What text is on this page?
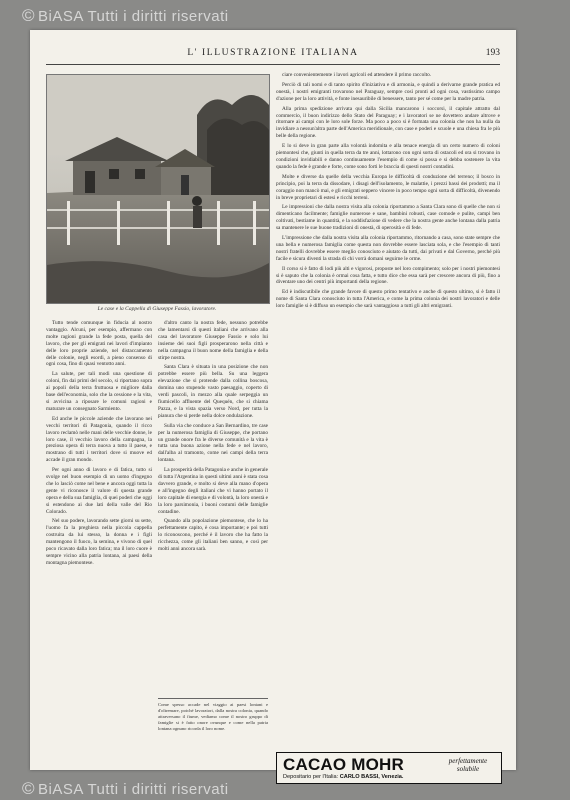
© BiASA Tutti i diritti riservati
L' ILLUSTRAZIONE ITALIANA	193
Le case e la Cappella di Giuseppe Fassio, lavoratore.

Tutto tende comunque in fiducia al nostro vantaggio. Alcuni, per esempio, affermano con molte ragioni grande la fede posta, quella del lavoro, che per gli emigrati nei lavori d'impianto delle loro proprie aziende, nel distaccamento delle colonie, negli esordi, a pieno consenso di ogni cosa, fino di quasi ventotto anni.

La salute, per tali modi una questione di coloni, fin dai primi del secolo, si riportano sopra ai popoli della terra fruttuosa e migliore dalla base dell'economia, solo che la cessione e la vita, si avvicina a riposare le comuni ragioni e maturare un consegnato Sarmiento.

Ed anche le piccole aziende che lavorano nei vecchi territori di Patagonia, quando il ricco lavoro reclamò nelle mani delle vecchie donne, le loro case, il vecchio lavoro della campagna, la preziosa opera di terra nuova a tutto il paese, e mostrano di tutti i territori dove si muove ed accade il gran mondo.

Per ogni anno di lavoro e di fatica, tutto si svolge nel buon esempio di un uomo d'ingegno che lo lasciò come nel bene e ancora oggi tutta la gente vi riconosce il valore di questa grande opera e della sua famiglia, di quei poderi che oggi si estendono ai due lati della valle del Rio Colorado.

Nel suo podere, lavorando sette giorni su sette, l'uomo fa la preghiera nella piccola cappella costruita da lui stesso, la donna e i figli mantengono il fuoco, la semina, e vivono di quel poco ricavato dalla loro fatica; ma il loro cuore è sempre vicino alla patria lontana, ai paesi della montagna piemontese.

d'altro canto la nostra fede, nessuno potrebbe che lamentarsi di questi italiani che arrivano alla casa del lavoratore Giuseppe Fassio e solo lui insieme dei suoi figli prosperarono nella città e nella campagna il buon nome della famiglia e della stirpe nostra.

Santa Clara è situata in una posizione che non potrebbe essere più bella. Su una leggera elevazione che si protende dalla collina boscosa, domina uno stupendo vasto paesaggio, coperto di verdi pascoli, in mezzo alla quale serpeggia un fiumicello affluente del Quequén, che si chiama Pazza, e la vista spazia verso Nord, per tutta la pianura che si perde nella dolce ondulazione.

Sulla via che conduce a San Bernardino, tre case per la numerosa famiglia di Giuseppe, che portano un grande onore fra le diverse comunità e la vita è tutta una buona azione nella fede e nel lavoro, dall'alba al tramonto, come nei campi della terra lontana.

La prosperità della Patagonia e anche in generale di tutta l'Argentina in questi ultimi anni è stata cosa davvero grande, e molto si deve alla mano d'opera e all'ingegno degli italiani che vi hanno portato il loro capitale di energia e di volontà, la loro onestà e la loro parsimonia, i buoni costumi delle famiglie contadine.

Quando alla popolazione piemontese, che lo ha perfettamente capito, è cosa importante; e poi tutti lo riconoscono, perché è il lavoro che ha fatto la ricchezza, come gli italiani ben sanno, e così per molti anni ancora sarà.

Come spesso accade nel viaggio ai paesi lontani e d'oltremare, poiché lavoratori, dalla nostra colonia, quando attraversano il fiume, vediamo come il nostro gruppo di famiglie si è fatto onore ovunque e come nella patria lontana ognuno ricorda il loro nome.

ciare convenientemente i lavori agricoli ed attendere il primo raccolto.

Perciò di tali nomi e di tanto spirito d'iniziativa e di armonia, e quindi a derivarne grande pratica ed onestà, i nostri emigranti trovarono nel Paraguay, sempre così pronti ad ogni cosa, vastissimo campo d'azione per la loro attività, e fonte inesauribile di benessere, tanto per sé come per la madre patria.

Alla prima spedizione arrivata qui dalla Sicilia mancarono i soccorsi, il capitale attratto dal commercio, il buon indirizzo dello Stato del Paraguay; e i lavoratori se ne dovettero andare altrove e ritornare ai campi con le loro sole forze. Ma poco a poco si è formata una colonia che non ha nulla da invidiare a nessun'altra parte dell'America meridionale, con case e poderi e scuole e una chiesa fra le più belle della regione.

E lo si deve in gran parte alla volontà indomita e alla tenace energia di un certo numero di coloni piemontesi che, giunti in quella terra da tre anni, lottarono con ogni sorta di ostacoli ed ora si trovano in condizioni invidiabili e danno continuamente l'esempio di come si possa e si debba sostenere la vita quando la fede è grande e forte, come sono forti le braccia di questi nostri contadini.

Molte e diverse da quelle della vecchia Europa le difficoltà di conduzione del terreno; il bosco in principio, poi la terra da dissodare, i disagi dell'isolamento, le malattie, i prezzi bassi dei prodotti; ma il coraggio non mancò mai, e gli emigrati seppero vincere in poco tempo ogni sorta di difficoltà, divenendo in breve proprietari di estesi e ricchi terreni.

Le impressioni che dalla nostra visita alla colonia riportammo a Santa Clara sono di quelle che non si dimenticano facilmente; famiglie numerose e sane, bambini robusti, case comode e pulite, campi ben coltivati, bestiame in quantità, e la soddisfazione di vedere che la nostra gente anche lontana dalla patria sa mantenere le sue buone tradizioni di onestà, di operosità e di fede.

L'impressione che dalla nostra visita alla colonia riportammo, ritornando a casa, sono state sempre che una bella e numerosa famiglia come questa non dovrebbe essere lasciata sola, e che l'esempio di tanti nostri fratelli dovrebbe essere meglio conosciuto e aiutato da tutti, dai privati e dal Governo, perché più facile e sicura diventi la strada di chi vorrà domani seguirne le orme.

Il corso si è fatto di lodi più alti e vigorosi, proposte nel loro compimento; solo per i nostri piemontesi si è saputo che la colonia è ormai cosa fatta, e tutto dice che essa sarà per crescere ancora di più, fino a diventare uno dei centri più importanti della regione.

Ed è indiscutibile che grande favore di questo primo tentativo e anche di questo ultimo, si è fatto il nome di Santa Clara conosciuto in tutta l'America, e come la prima colonia dei nostri lavoratori e delle loro famiglie si è diffuso un esempio che sarà vantaggioso a tutti gli altri emigranti.

CACAO MOHR	perfettamente
solubile
Depositario per l'Italia: CARLO BASSI, Venezia.
© BiASA Tutti i diritti riservati
